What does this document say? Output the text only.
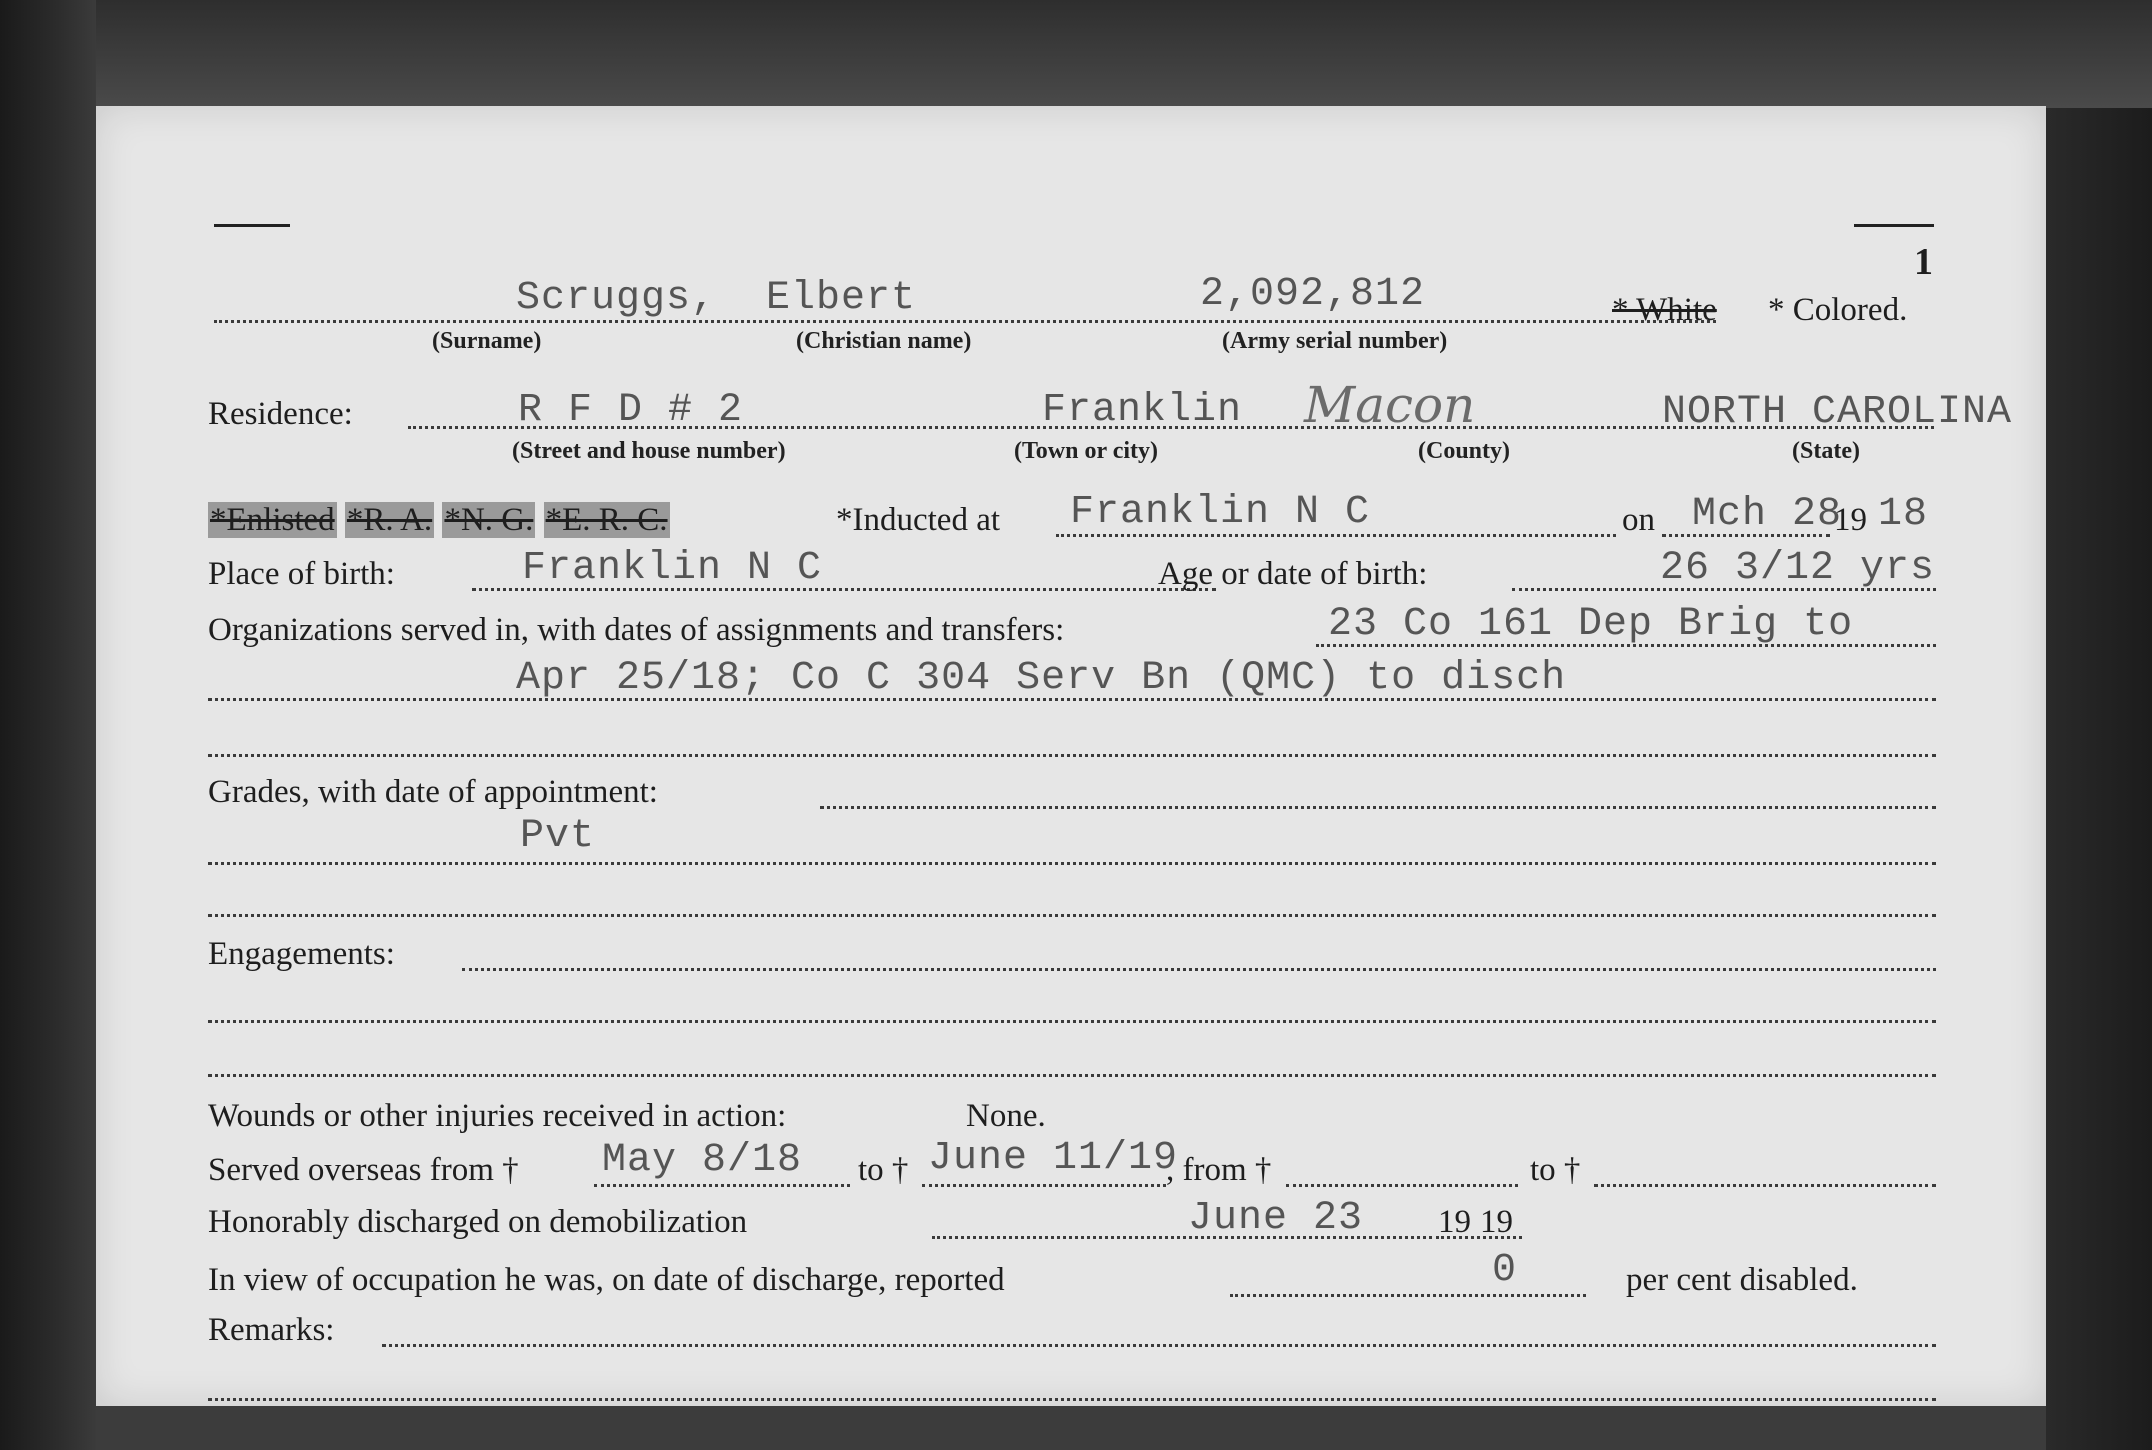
1
Scruggs, Elbert	2,092,812	* White * Colored.
(Surname)	(Christian name)	(Army serial number)
Residence:	R F D # 2	Franklin Macon	NORTH CAROLINA
(Street and house number)	(Town or city)	(County)	(State)
*Enlisted *R. A. *N. G. *E. R. C.	*Inducted at Franklin N C	on Mch 28
19 18
Place of birth:	Franklin N C	Age or date of birth:	26 3/12 yrs
Organizations served in, with dates of assignments and transfers:	23 Co 161 Dep Brig to
Apr 25/18; Co C 304 Serv Bn (QMC) to disch
Grades, with date of appointment:
Pvt
Engagements:
Wounds or other injuries received in action:	None.
Served overseas from † May 8/18 to † June 11/19
, from †	to †
Honorably discharged on demobilization	June 23 19 19
In view of occupation he was, on date of discharge, reported	0	per cent disabled.
Remarks:
